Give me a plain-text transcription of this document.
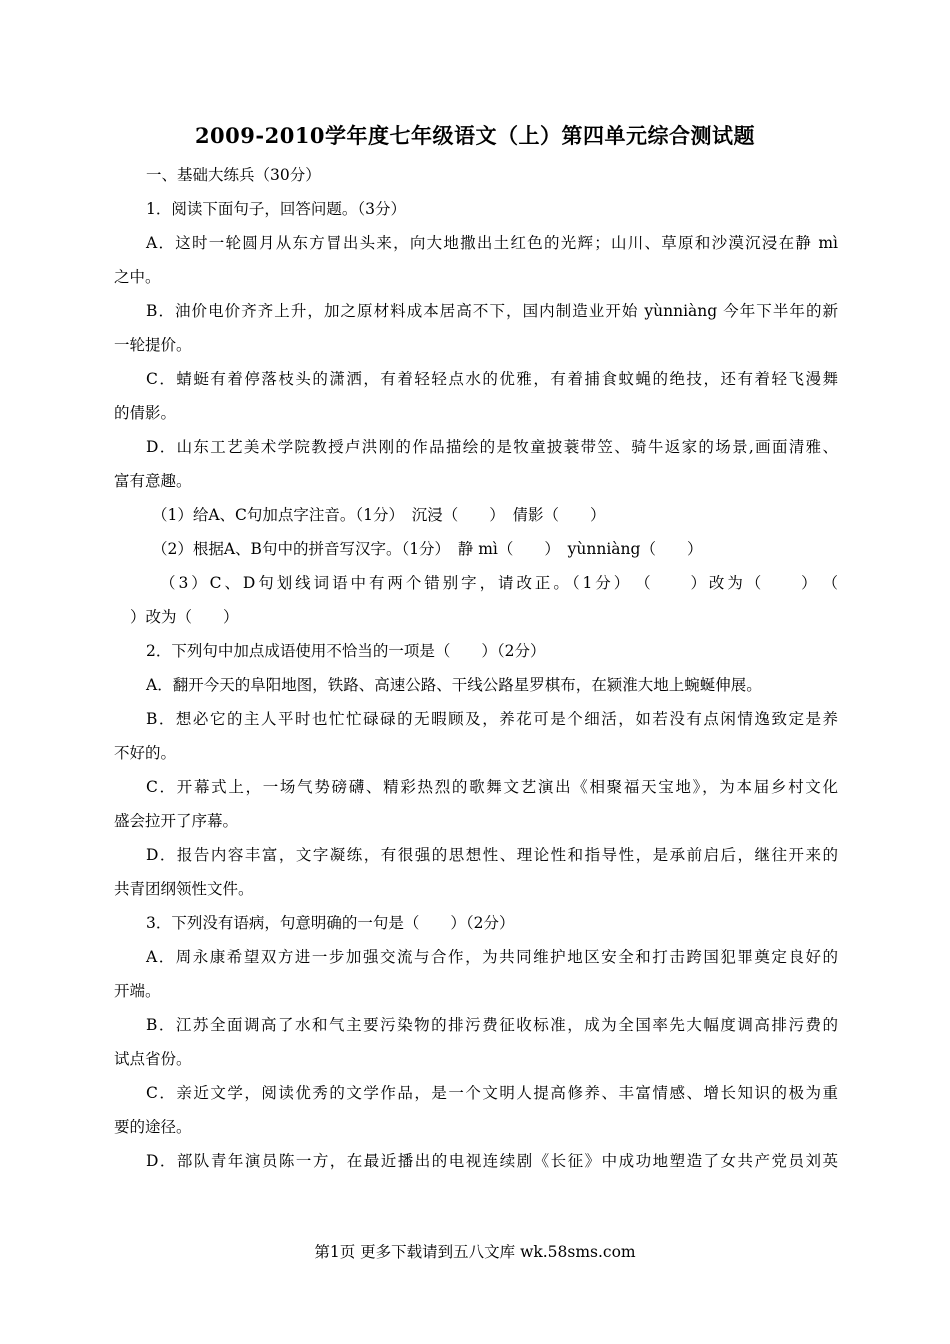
2009-2010学年度七年级语文（上）第四单元综合测试题
一、基础大练兵（30分）
1．阅读下面句子，回答问题。（3分）
A．这时一轮圆月从东方冒出头来，向大地撒出土红色的光辉；山川、草原和沙漠沉浸在静 mì
之中。
B．油价电价齐齐上升，加之原材料成本居高不下，国内制造业开始 yùnniàng 今年下半年的新
一轮提价。
C．蜻蜓有着停落枝头的潇洒，有着轻轻点水的优雅，有着捕食蚊蝇的绝技，还有着轻飞漫舞
的倩影。
D．山东工艺美术学院教授卢洪刚的作品描绘的是牧童披蓑带笠、骑牛返家的场景,画面清雅、
富有意趣。
（1）给A、C句加点字注音。（1分）　沉浸（　　）　倩影（　　）
（2）根据A、B句中的拼音写汉字。（1分）　静 mì（　　）　yùnniàng（　　）
（3）C、D句划线词语中有两个错别字，请改正。（1分）　（　　）改为（　　）　（
）改为（　　）
2．下列句中加点成语使用不恰当的一项是（　　）（2分）
A．翻开今天的阜阳地图，铁路、高速公路、干线公路星罗棋布，在颍淮大地上蜿蜒伸展。
B．想必它的主人平时也忙忙碌碌的无暇顾及，养花可是个细活，如若没有点闲情逸致定是养
不好的。
C．开幕式上，一场气势磅礴、精彩热烈的歌舞文艺演出《相聚福天宝地》，为本届乡村文化
盛会拉开了序幕。
D．报告内容丰富，文字凝练，有很强的思想性、理论性和指导性，是承前启后，继往开来的
共青团纲领性文件。
3．下列没有语病，句意明确的一句是（　　）（2分）
A．周永康希望双方进一步加强交流与合作，为共同维护地区安全和打击跨国犯罪奠定良好的
开端。
B．江苏全面调高了水和气主要污染物的排污费征收标准，成为全国率先大幅度调高排污费的
试点省份。
C．亲近文学，阅读优秀的文学作品，是一个文明人提高修养、丰富情感、增长知识的极为重
要的途径。
D．部队青年演员陈一方，在最近播出的电视连续剧《长征》中成功地塑造了女共产党员刘英
第1页 更多下载请到五八文库 wk.58sms.com
